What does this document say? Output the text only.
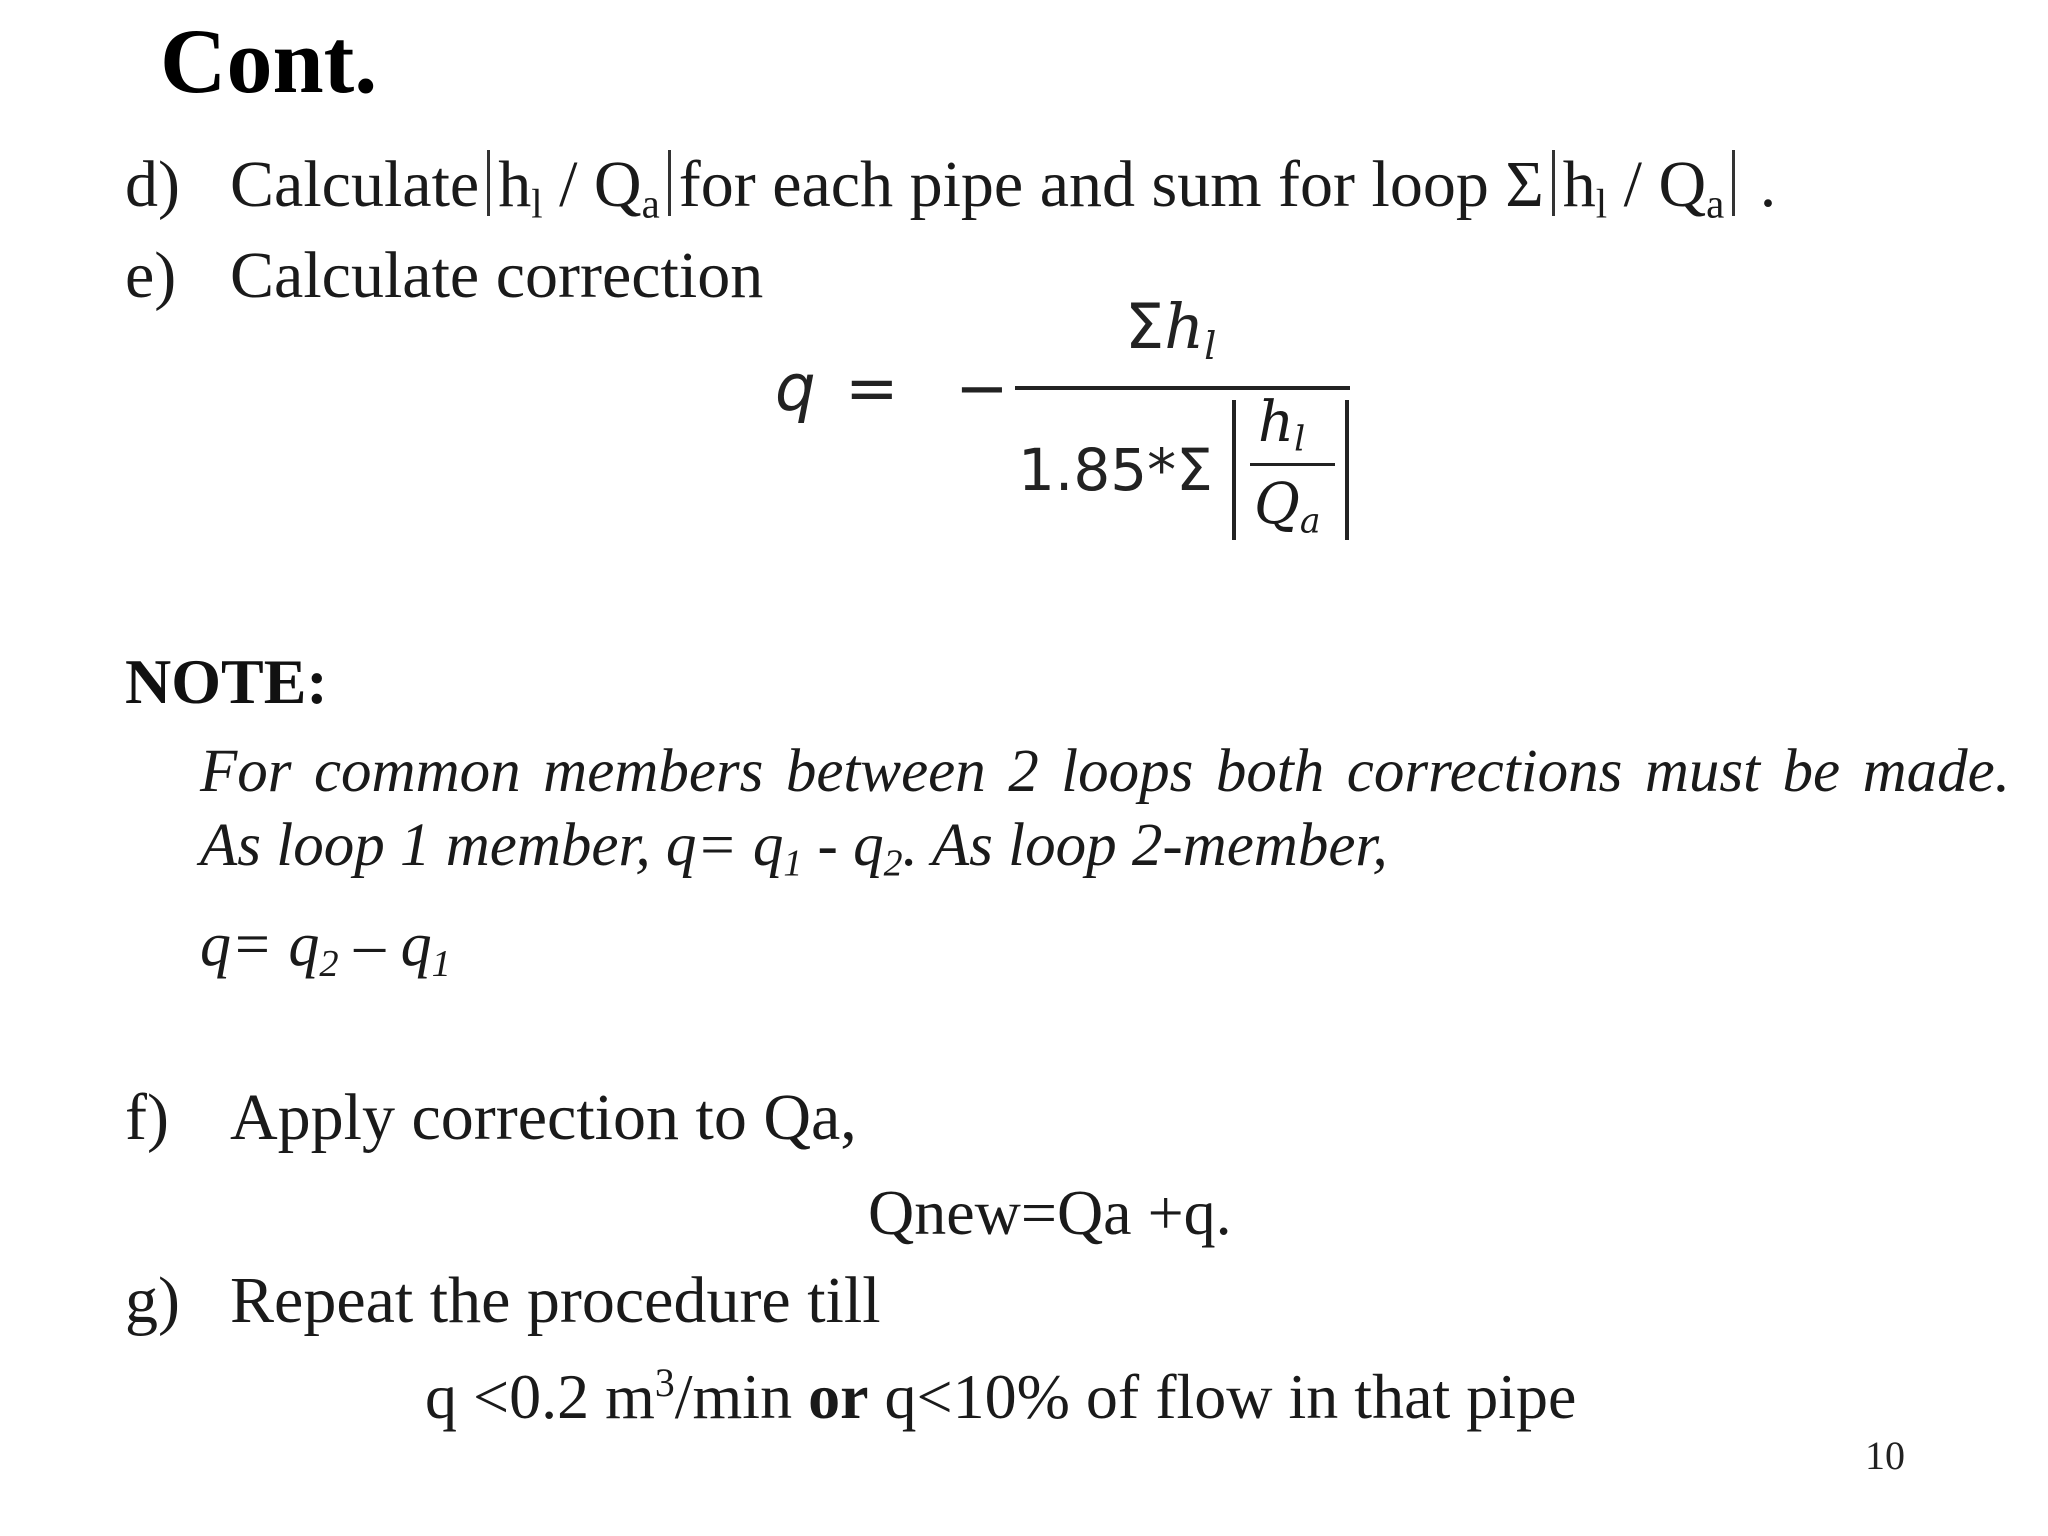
Cont.
d) Calculate $h_l / Q_a$ for each pipe and sum for loop Σ $h_l / Q_a$ .
e) Calculate correction
q = −
$\Sigma h_l$
1.85*Σ
$h_l$
$Q_a$
NOTE:
For common members between 2 loops both corrections must be made. As loop 1 member, $q= q_1 - q_2$. As loop 2-member,
$q= q_2 - q_1$
f) Apply correction to Qa,
Qnew=Qa +q.
g) Repeat the procedure till
q <0.2 $m^3/\min$ or q<10% of flow in that pipe
10
